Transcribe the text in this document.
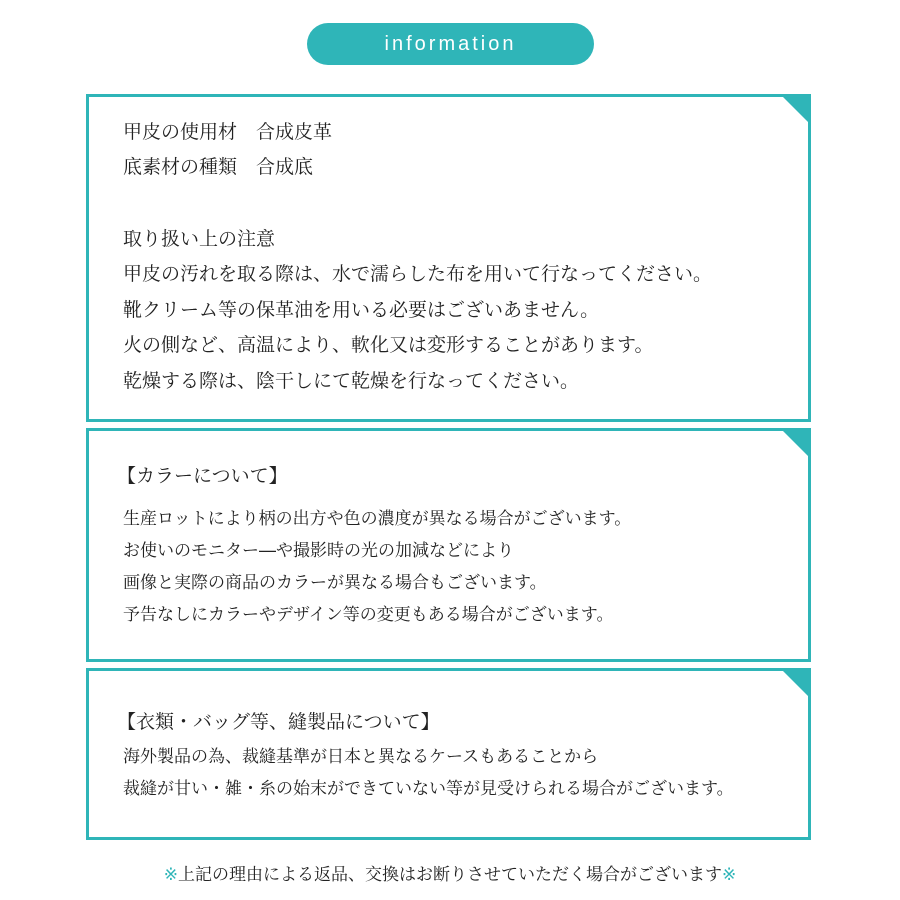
information
甲皮の使用材　合成皮革
底素材の種類　合成底
取り扱い上の注意
甲皮の汚れを取る際は、水で濡らした布を用いて行なってください。
靴クリーム等の保革油を用いる必要はございあません。
火の側など、高温により、軟化又は変形することがあります。
乾燥する際は、陰干しにて乾燥を行なってください。
【カラーについて】
生産ロットにより柄の出方や色の濃度が異なる場合がございます。
お使いのモニター―や撮影時の光の加減などにより
画像と実際の商品のカラーが異なる場合もございます。
予告なしにカラーやデザイン等の変更もある場合がございます。
【衣類・バッグ等、縫製品について】
海外製品の為、裁縫基準が日本と異なるケースもあることから
裁縫が甘い・雑・糸の始末ができていない等が見受けられる場合がございます。
※上記の理由による返品、交換はお断りさせていただく場合がございます※
